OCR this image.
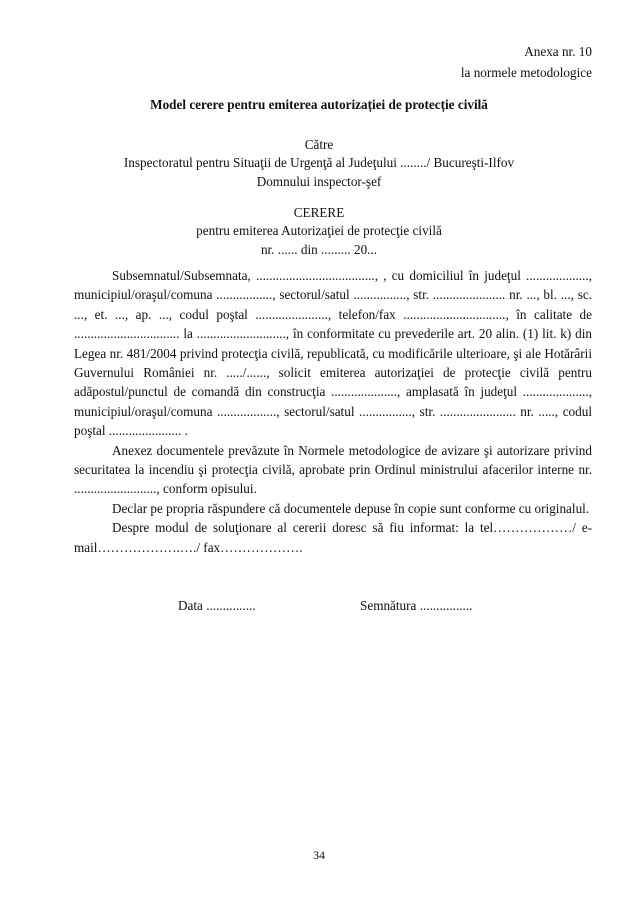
Anexa nr. 10
la normele metodologice
Model cerere pentru emiterea autorizației de protecție civilă
Către
Inspectoratul pentru Situaţii de Urgenţă al Judeţului ......../ Bucureşti-Ilfov
Domnului inspector-şef
CERERE
pentru emiterea Autorizaţiei de protecţie civilă
nr. ...... din ......... 20...

Subsemnatul/Subsemnata, ...................................., , cu domiciliul în judeţul ..................., municipiul/oraşul/comuna ................., sectorul/satul ................, str. ...................... nr. ..., bl. ..., sc. ..., et. ..., ap. ..., codul poştal ......................, telefon/fax ..............................., în calitate de ................................ la ..........................., în conformitate cu prevederile art. 20 alin. (1) lit. k) din Legea nr. 481/2004 privind protecţia civilă, republicată, cu modificările ulterioare, şi ale Hotărârii Guvernului României nr. ...../......, solicit emiterea autorizaţiei de protecţie civilă pentru adăpostul/punctul de comandă din construcţia ...................., amplasată în judeţul ...................., municipiul/oraşul/comuna .................., sectorul/satul ................, str. ....................... nr. ....., codul poştal ...................... .

Anexez documentele prevăzute în Normele metodologice de avizare şi autorizare privind securitatea la incendiu şi protecţia civilă, aprobate prin Ordinul ministrului afacerilor interne nr. ........................., conform opisului.

Declar pe propria răspundere că documentele depuse în copie sunt conforme cu originalul.

Despre modul de soluţionare al cererii doresc să fiu informat: la tel………………/ e-mail……………….…./ fax……………….

Data ...............	Semnătura ................
34
